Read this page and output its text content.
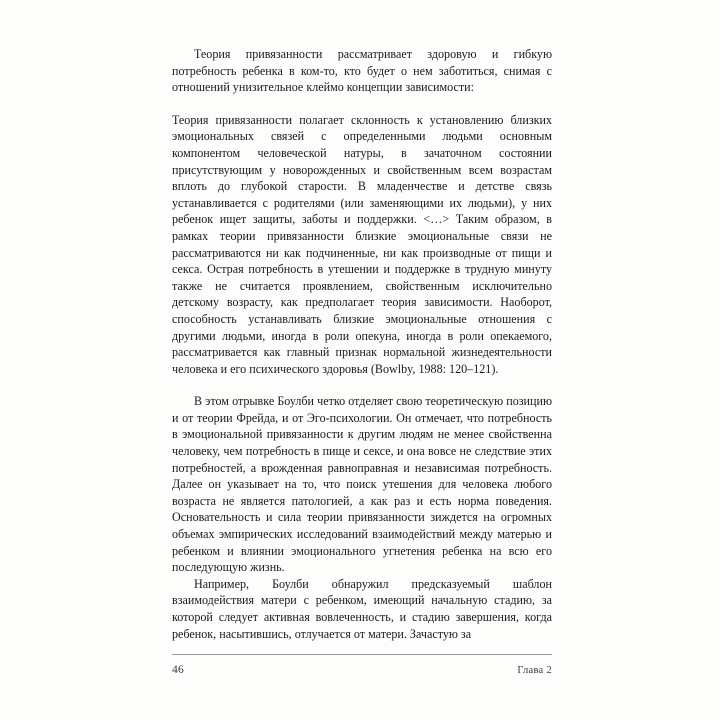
Теория привязанности рассматривает здоровую и гибкую потребность ребенка в ком-то, кто будет о нем заботиться, снимая с отношений унизительное клеймо концепции зависимости:

Теория привязанности полагает склонность к установлению близких эмоциональных связей с определенными людьми основным компонентом человеческой натуры, в зачаточном состоянии присутствующим у новорожденных и свойственным всем возрастам вплоть до глубокой старости. В младенчестве и детстве связь устанавливается с родителями (или заменяющими их людьми), у них ребенок ищет защиты, заботы и поддержки. <…> Таким образом, в рамках теории привязанности близкие эмоциональные связи не рассматриваются ни как подчиненные, ни как производные от пищи и секса. Острая потребность в утешении и поддержке в трудную минуту также не считается проявлением, свойственным исключительно детскому возрасту, как предполагает теория зависимости. Наоборот, способность устанавливать близкие эмоциональные отношения с другими людьми, иногда в роли опекуна, иногда в роли опекаемого, рассматривается как главный признак нормальной жизнедеятельности человека и его психического здоровья (Bowlby, 1988: 120–121).

В этом отрывке Боулби четко отделяет свою теоретическую позицию и от теории Фрейда, и от Эго-психологии. Он отмечает, что потребность в эмоциональной привязанности к другим людям не менее свойственна человеку, чем потребность в пище и сексе, и она вовсе не следствие этих потребностей, а врожденная равноправная и независимая потребность. Далее он указывает на то, что поиск утешения для человека любого возраста не является патологией, а как раз и есть норма поведения. Основательность и сила теории привязанности зиждется на огромных объемах эмпирических исследований взаимодействий между матерью и ребенком и влиянии эмоционального угнетения ребенка на всю его последующую жизнь.

Например, Боулби обнаружил предсказуемый шаблон взаимодействия матери с ребенком, имеющий начальную стадию, за которой следует активная вовлеченность, и стадию завершения, когда ребенок, насытившись, отлучается от матери. Зачастую за

46	Глава 2
